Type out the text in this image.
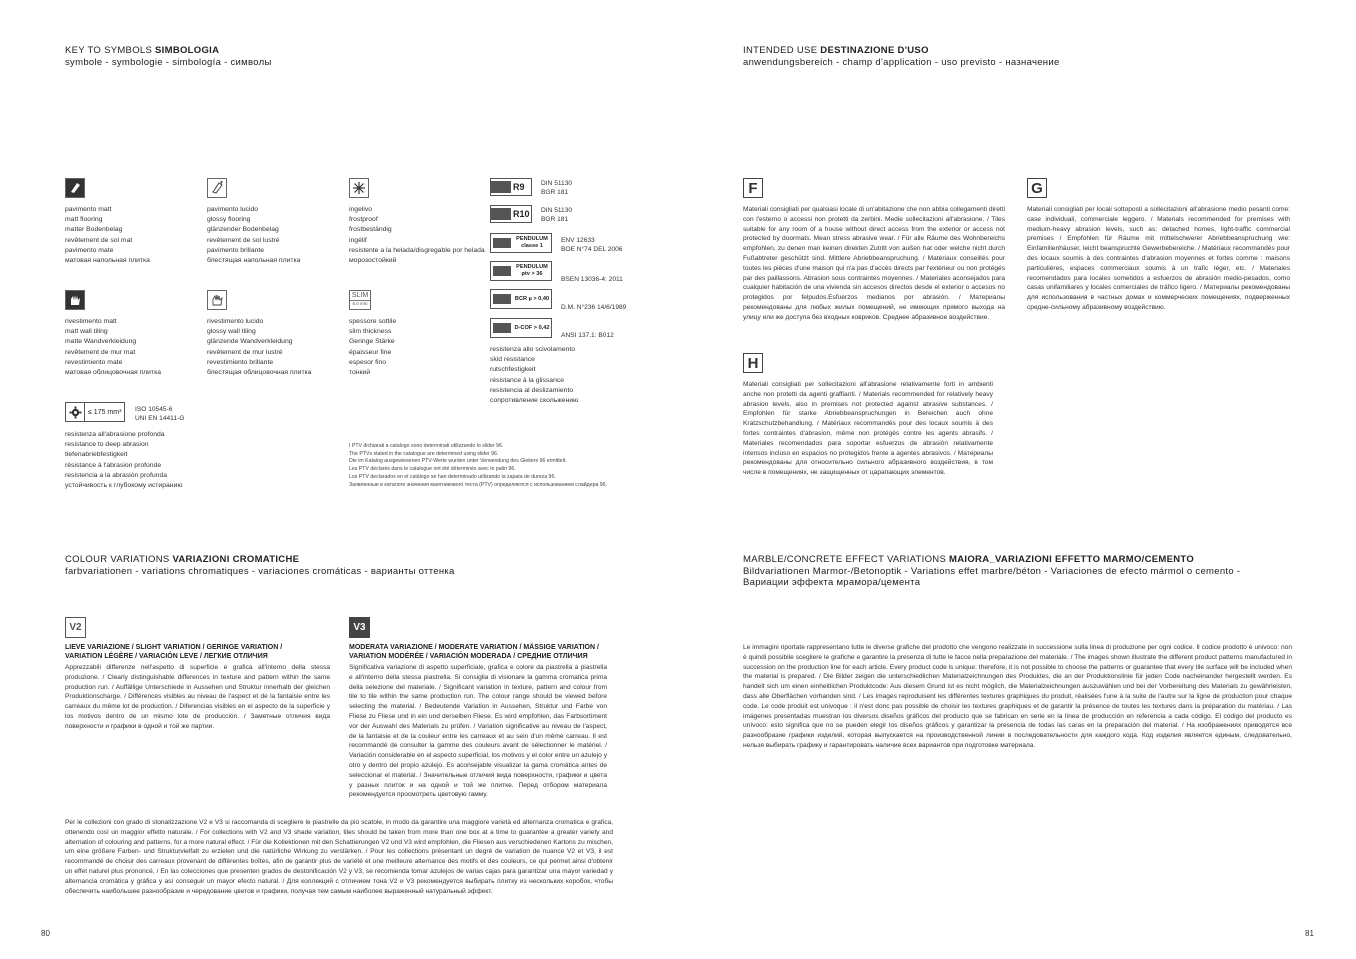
KEY TO SYMBOLS SIMBOLOGIA
symbole - symbologie - simbología - символы
pavimento matt
matt flooring
matter Bodenbelag
revêtement de sol mat
pavimento mate
матовая напольная плитка
pavimento lucido
glossy flooring
glänzender Bodenbelag
revêtement de sol lustré
pavimento brillante
блестящая напольная плитка
ingelivo
frostproof
frostbeständig
ingélif
resistente a la helada/disgregable por helada
морозостойкий
rivestimento matt
matt wall tiling
matte Wandverkleidung
revêtement de mur mat
revestimiento mate
матовая облицовочная плитка
rivestimento lucido
glossy wall tiling
glänzende Wandverkleidung
revêtement de mur lustré
revestimiento brillante
блестящая облицовочная плитка
SLIM
6.0 mm
spessore sottile
slim thickness
Geringe Stärke
épaisseur fine
espesor fino
тонкий
≤ 175 mm³	ISO 10545-6
UNI EN 14411-G
resistenza all'abrasione profonda
resistance to deep abrasion
tiefenabriebfestigkeit
résistance à l'abrasion profonde
resistencia a la abrasión profunda
устойчивость к глубокому истиранию
R9 DIN 51130
BGR 181
R10 DIN 51130
BGR 181
PENDULUM classe 1
ENV 12633
BOE N°74 DEL 2006
PENDULUM ptv > 36
BSEN 13036-4: 2011
BCR µ > 0,40
D.M. N°236 14/6/1989
D-COF > 0,42
ANSI 137.1: B012
resistenza allo scivolamento
skid resistance
rutschfestigkeit
résistance à la glissance
resistencia al deslizamiento
сопротивление скольжению
I PTV dichiarati a catalogo sono determinati utilizzando lo slider 96.
The PTVs stated in the catalogue are determined using slider 96.
Die im Katalog ausgewiesenen PTV-Werte wurden unter Verwendung des Gleiters 96 ermittelt.
Les PTV déclarés dans le catalogue ont été déterminés avec le patin 96.
Los PTV declarados en el catálogo se han determinado utilizando la zapata de dureza 96.
Заявленные в каталоге значения маятникового теста (PTV) определяются с использованием слайдера 96.
INTENDED USE DESTINAZIONE D'USO
anwendungsbereich - champ d'application - uso previsto - назначение
F
Materiali consigliati per qualsiasi locale di un'abitazione che non abbia collegamenti diretti con l'esterno o accessi non protetti da zerbini. Medie sollecitazioni all'abrasione. / Tiles suitable for any room of a house without direct access from the exterior or access not protected by doormats. Mean stress abrasive wear. / Für alle Räume des Wohnbereichs empfohlen, zu denen man keinen direkten Zutritt von außen hat oder welche nicht durch Fußabtreter geschützt sind. Mittlere Abriebbeanspruchung. / Matériaux conseillés pour toutes les pièces d'une maison qui n'a pas d'accès directs par l'extérieur ou non protégés par des paillassons. Abrasion sous contraintes moyennes. / Materiales aconsejados para cualquier habitación de una vivienda sin accesos directos desde el exterior o accesos no protegidos por felpudos.Esfuerzos medianos por abrasión. / Материалы рекомендованы для любых жилых помещений, не имеющих прямого выхода на улицу или же доступа без входных ковриков. Среднее абразивное воздействие.
G
Materiali consigliati per locali sottoposti a sollecitazioni all'abrasione medio pesanti come: case individuali, commerciale leggero. / Materials recommended for premises with medium-heavy abrasion levels, such as: detached homes, light-traffic commercial premises / Empfohlen für Räume mit mittelschwerer Abriebbeanspruchung wie: Einfamilienhäuser, leicht beanspruchte Gewerbebereiche. / Matériaux recommandés pour des locaux soumis à des contraintes d'abrasion moyennes et fortes comme : maisons particulières, espaces commerciaux soumis à un trafic léger, etc. / Materiales recomendados para locales sometidos a esfuerzos de abrasión medio-pesados, como casas unifamiliares y locales comerciales de tráfico ligero. / Материалы рекомендованы для использования в частных домах и коммерческих помещениях, подверженных средне-сильному абразивному воздействию.
H
Materiali consigliati per sollecitazioni all'abrasione relativamente forti in ambienti anche non protetti da agenti graffianti. / Materials recommended for relatively heavy abrasion levels, also in premises not protected against abrasive substances. / Empfohlen für starke Abriebbeanspruchungen in Bereichen auch ohne Kratzschutzbehandlung. / Matériaux recommandés pour des locaux soumis à des fortes contraintes d'abrasion, même non protégés contre les agents abrasifs. / Materiales recomendados para soportar esfuerzos de abrasión relativamente intensos incluso en espacios no protegidos frente a agentes abrasivos. / Материалы рекомендованы для относительно сильного абразивного воздействия, в том числе в помещениях, не защищенных от царапающих элементов.
COLOUR VARIATIONS VARIAZIONI CROMATICHE
farbvariationen - variations chromatiques - variaciones cromáticas - варианты оттенка
V2
LIEVE VARIAZIONE / SLIGHT VARIATION / GERINGE VARIATION /
VARIATION LÉGÈRE / VARIACIÓN LEVE / ЛЕГКИЕ ОТЛИЧИЯ
Apprezzabili differenze nell'aspetto di superficie e grafica all'interno della stessa produzione. / Clearly distinguishable differences in texture and pattern within the same production run. / Auffällige Unterschiede in Aussehen und Struktur innerhalb der gleichen Produktionscharge. / Différences visibles au niveau de l'aspect et de la fantaisie entre les carreaux du même lot de production. / Diferencias visibles en el aspecto de la superficie y los motivos dentro de un mismo lote de producción. / Заметные отличия вида поверхности и графики в одной и той же партии.
V3
MODERATA VARIAZIONE / MODERATE VARIATION / MÄSSIGE VARIATION /
VARIATION MODÉRÉE / VARIACIÓN MODERADA / СРЕДНИЕ ОТЛИЧИЯ
Significativa variazione di aspetto superficiale, grafica e colore da piastrella a piastrella e all'interno della stessa piastrella. Si consiglia di visionare la gamma cromatica prima della selezione del materiale. / Significant variation in texture, pattern and colour from tile to tile within the same production run. The colour range should be viewed before selecting the material. / Bedeutende Variation in Aussehen, Struktur und Farbe von Fliese zu Fliese und in ein und derselben Fliese. Es wird empfohlen, das Farbsortiment vor der Auswahl des Materials zu prüfen. / Variation significative au niveau de l'aspect, de la fantaisie et de la couleur entre les carreaux et au sein d'un même carreau. Il est recommandé de consulter la gamme des couleurs avant de sélectionner le matériel. / Variación considerable en el aspecto superficial, los motivos y el color entre un azulejo y otro y dentro del propio azulejo. Es aconsejable visualizar la gama cromática antes de seleccionar el material. / Значительные отличия вида поверхности, графики и цвета у разных плиток и на одной и той же плитке. Перед отбором материала рекомендуется просмотреть цветовую гамму.
Per le collezioni con grado di stonalizzazione V2 e V3 si raccomanda di scegliere le piastrelle da più scatole, in modo da garantire una maggiore varietà ed alternanza cromatica e grafica, ottenendo così un maggior effetto naturale. / For collections with V2 and V3 shade variation, tiles should be taken from more than one box at a time to guarantee a greater variety and alternation of colouring and patterns, for a more natural effect. / Für die Kollektionen mit den Schattierungen V2 und V3 wird empfohlen, die Fliesen aus verschiedenen Kartons zu mischen, um eine größere Farben- und Strukturvielfalt zu erzielen und die natürliche Wirkung zu verstärken. / Pour les collections présentant un degré de variation de nuance V2 et V3, il est recommandé de choisir des carreaux provenant de différentes boîtes, afin de garantir plus de variété et une meilleure alternance des motifs et des couleurs, ce qui permet ainsi d'obtenir un effet naturel plus prononcé. / En las colecciones que presenten grados de destonificación V2 y V3, se recomienda tomar azulejos de varias cajas para garantizar una mayor variedad y alternancia cromática y gráfica y así conseguir un mayor efecto natural. / Для коллекций с отличием тона V2 и V3 рекомендуется выбирать плитку из нескольких коробок, чтобы обеспечить наибольшее разнообразие и чередование цветов и графики, получая тем самым наиболее выраженный натуральный эффект.
MARBLE/CONCRETE EFFECT VARIATIONS MAIORA_VARIAZIONI EFFETTO MARMO/CEMENTO
Bildvariationen Marmor-/Betonoptik - Variations effet marbre/béton - Variaciones de efecto mármol o cemento -
Вариации эффекта мрамора/цемента
Le immagini riportate rappresentano tutte le diverse grafiche del prodotto che vengono realizzate in successione sulla linea di produzione per ogni codice. Il codice prodotto è univoco: non è quindi possibile scegliere le grafiche e garantire la presenza di tutte le facce nella preparazione del materiale. / The images shown illustrate the different product patterns manufactured in succession on the production line for each article. Every product code is unique: therefore, it is not possible to choose the patterns or guarantee that every tile surface will be included when the material is prepared. / Die Bilder zeigen die unterschiedlichen Materialzeichnungen des Produktes, die an der Produktionslinie für jeden Code nacheinander hergestellt werden. Es handelt sich um einen einheitlichen Produktcode: Aus diesem Grund ist es nicht möglich, die Materialzeichnungen auszuwählen und bei der Vorbereitung des Materials zu gewährleisten, dass alle Oberflächen vorhanden sind. / Les images reproduisent les différentes textures graphiques du produit, réalisées l'une à la suite de l'autre sur la ligne de production pour chaque code. Le code produit est univoque : il n'est donc pas possible de choisir les textures graphiques et de garantir la présence de toutes les textures dans la préparation du matériau. / Las imágenes presentadas muestran los diversos diseños gráficos del producto que se fabrican en serie en la línea de producción en referencia a cada código. El código del producto es unívoco: esto significa que no se pueden elegir los diseños gráficos y garantizar la presencia de todas las caras en la preparación del material. / На изображениях приводятся все разнообразие графики изделий, которая выпускается на производственной линии в последовательности для каждого кода. Код изделия является единым, следовательно, нельзя выбирать графику и гарантировать наличие всех вариантов при подготовке материала.
80	81
